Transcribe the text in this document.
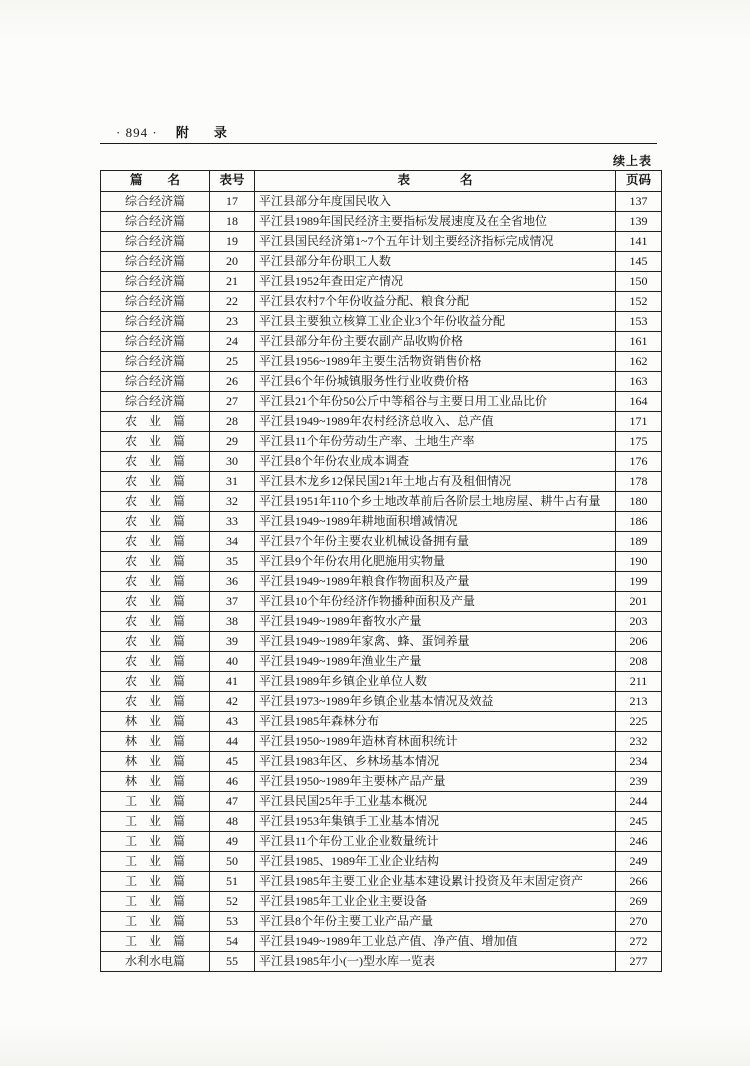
· 894 · 附　录
续上表
篇　　名	表号	表　　　　名	页码
综合经济篇	17	平江县部分年度国民收入	137
综合经济篇	18	平江县1989年国民经济主要指标发展速度及在全省地位	139
综合经济篇	19	平江县国民经济第1~7个五年计划主要经济指标完成情况	141
综合经济篇	20	平江县部分年份职工人数	145
综合经济篇	21	平江县1952年查田定产情况	150
综合经济篇	22	平江县农村7个年份收益分配、粮食分配	152
综合经济篇	23	平江县主要独立核算工业企业3个年份收益分配	153
综合经济篇	24	平江县部分年份主要农副产品收购价格	161
综合经济篇	25	平江县1956~1989年主要生活物资销售价格	162
综合经济篇	26	平江县6个年份城镇服务性行业收费价格	163
综合经济篇	27	平江县21个年份50公斤中等稻谷与主要日用工业品比价	164
农　业　篇	28	平江县1949~1989年农村经济总收入、总产值	171
农　业　篇	29	平江县11个年份劳动生产率、土地生产率	175
农　业　篇	30	平江县8个年份农业成本调查	176
农　业　篇	31	平江县木龙乡12保民国21年土地占有及租佃情况	178
农　业　篇	32	平江县1951年110个乡土地改革前后各阶层土地房屋、耕牛占有量	180
农　业　篇	33	平江县1949~1989年耕地面积增减情况	186
农　业　篇	34	平江县7个年份主要农业机械设备拥有量	189
农　业　篇	35	平江县9个年份农用化肥施用实物量	190
农　业　篇	36	平江县1949~1989年粮食作物面积及产量	199
农　业　篇	37	平江县10个年份经济作物播种面积及产量	201
农　业　篇	38	平江县1949~1989年畜牧水产量	203
农　业　篇	39	平江县1949~1989年家禽、蜂、蛋饲养量	206
农　业　篇	40	平江县1949~1989年渔业生产量	208
农　业　篇	41	平江县1989年乡镇企业单位人数	211
农　业　篇	42	平江县1973~1989年乡镇企业基本情况及效益	213
林　业　篇	43	平江县1985年森林分布	225
林　业　篇	44	平江县1950~1989年造林育林面积统计	232
林　业　篇	45	平江县1983年区、乡林场基本情况	234
林　业　篇	46	平江县1950~1989年主要林产品产量	239
工　业　篇	47	平江县民国25年手工业基本概况	244
工　业　篇	48	平江县1953年集镇手工业基本情况	245
工　业　篇	49	平江县11个年份工业企业数量统计	246
工　业　篇	50	平江县1985、1989年工业企业结构	249
工　业　篇	51	平江县1985年主要工业企业基本建设累计投资及年末固定资产	266
工　业　篇	52	平江县1985年工业企业主要设备	269
工　业　篇	53	平江县8个年份主要工业产品产量	270
工　业　篇	54	平江县1949~1989年工业总产值、净产值、增加值	272
水利水电篇	55	平江县1985年小(一)型水库一览表	277
